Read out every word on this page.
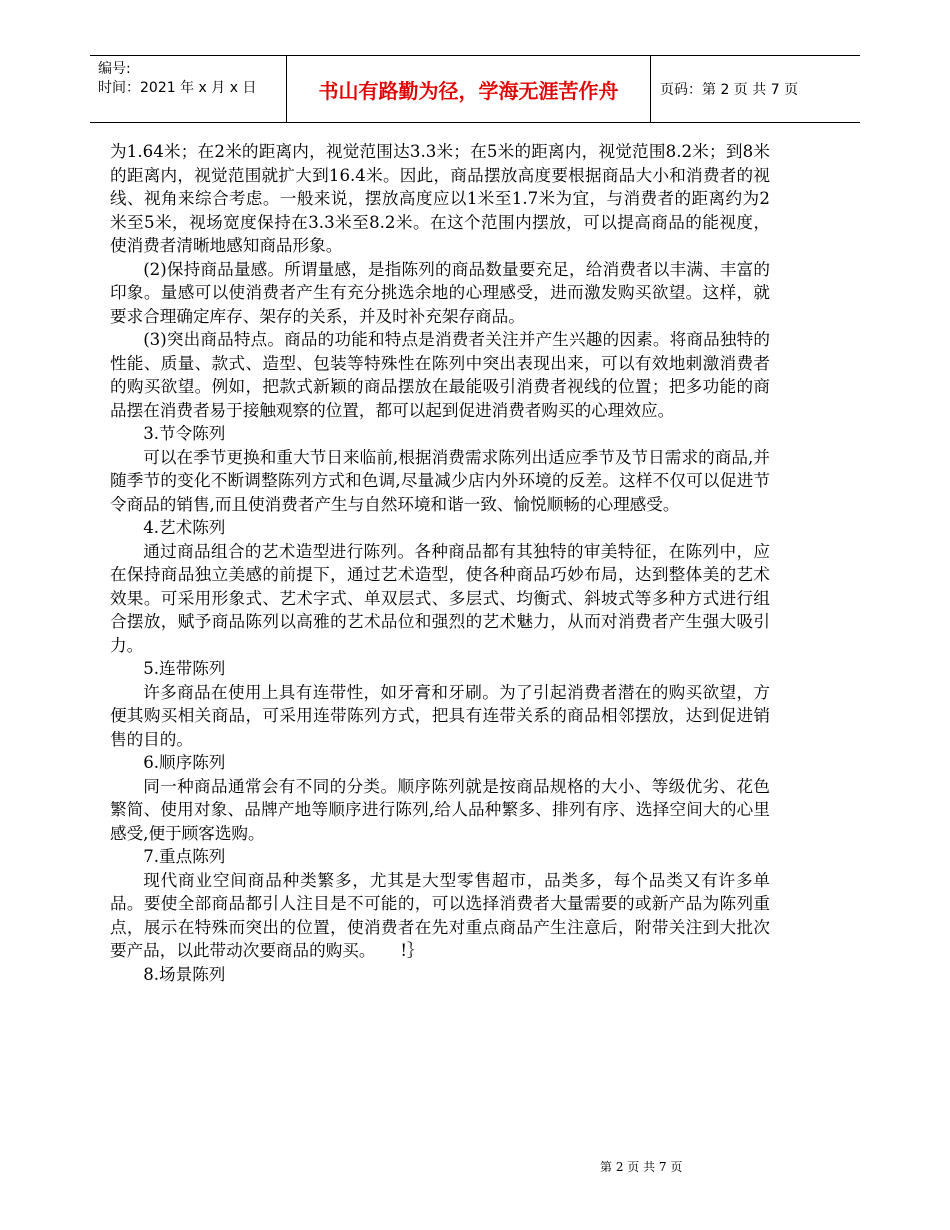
编号:
时间：2021 年 x 月 x 日	书山有路勤为径，学海无涯苦作舟	页码：第 2 页 共 7 页

为1.64米；在2米的距离内，视觉范围达3.3米；在5米的距离内，视觉范围8.2米；到8米的距离内，视觉范围就扩大到16.4米。因此，商品摆放高度要根据商品大小和消费者的视线、视角来综合考虑。一般来说，摆放高度应以1米至1.7米为宜，与消费者的距离约为2米至5米，视场宽度保持在3.3米至8.2米。在这个范围内摆放，可以提高商品的能视度，使消费者清晰地感知商品形象。

(2)保持商品量感。所谓量感，是指陈列的商品数量要充足，给消费者以丰满、丰富的印象。量感可以使消费者产生有充分挑选余地的心理感受，进而激发购买欲望。这样，就要求合理确定库存、架存的关系，并及时补充架存商品。

(3)突出商品特点。商品的功能和特点是消费者关注并产生兴趣的因素。将商品独特的性能、质量、款式、造型、包装等特殊性在陈列中突出表现出来，可以有效地刺激消费者的购买欲望。例如，把款式新颖的商品摆放在最能吸引消费者视线的位置；把多功能的商品摆在消费者易于接触观察的位置，都可以起到促进消费者购买的心理效应。

3.节令陈列

可以在季节更换和重大节日来临前,根据消费需求陈列出适应季节及节日需求的商品,并随季节的变化不断调整陈列方式和色调,尽量减少店内外环境的反差。这样不仅可以促进节令商品的销售,而且使消费者产生与自然环境和谐一致、愉悦顺畅的心理感受。

4.艺术陈列

通过商品组合的艺术造型进行陈列。各种商品都有其独特的审美特征，在陈列中，应在保持商品独立美感的前提下，通过艺术造型，使各种商品巧妙布局，达到整体美的艺术效果。可采用形象式、艺术字式、单双层式、多层式、均衡式、斜坡式等多种方式进行组合摆放，赋予商品陈列以高雅的艺术品位和强烈的艺术魅力，从而对消费者产生强大吸引力。

5.连带陈列

许多商品在使用上具有连带性，如牙膏和牙刷。为了引起消费者潜在的购买欲望，方便其购买相关商品，可采用连带陈列方式，把具有连带关系的商品相邻摆放，达到促进销售的目的。

6.顺序陈列

同一种商品通常会有不同的分类。顺序陈列就是按商品规格的大小、等级优劣、花色繁简、使用对象、品牌产地等顺序进行陈列,给人品种繁多、排列有序、选择空间大的心里感受,便于顾客选购。

7.重点陈列

现代商业空间商品种类繁多，尤其是大型零售超市，品类多，每个品类又有许多单品。要使全部商品都引人注目是不可能的，可以选择消费者大量需要的或新产品为陈列重点，展示在特殊而突出的位置，使消费者在先对重点商品产生注意后，附带关注到大批次要产品，以此带动次要商品的购买。　　!｝

8.场景陈列

第 2 页 共 7 页
